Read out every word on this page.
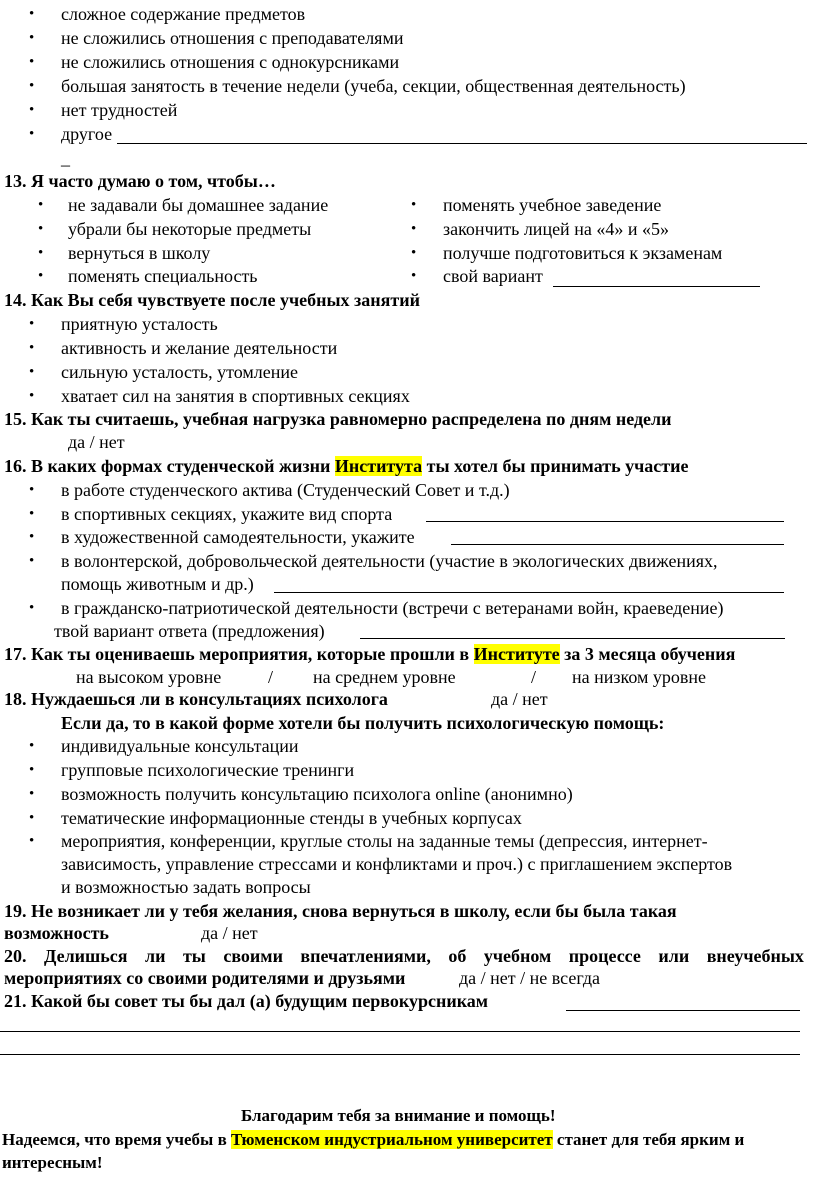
• сложное содержание предметов
• не сложились отношения с преподавателями
• не сложились отношения с однокурсниками
• большая занятость в течение недели (учеба, секции, общественная деятельность)
• нет трудностей
• другое
_
13. Я часто думаю о том, чтобы…
• не задавали бы домашнее задание	• поменять учебное заведение
• убрали бы некоторые предметы	• закончить лицей на «4» и «5»
• вернуться в школу	• получше подготовиться к экзаменам
• поменять специальность	• свой вариант
14. Как Вы себя чувствуете после учебных занятий
• приятную усталость
• активность и желание деятельности
• сильную усталость, утомление
• хватает сил на занятия в спортивных секциях
15. Как ты считаешь, учебная нагрузка равномерно распределена по дням недели
да / нет
16. В каких формах студенческой жизни Института ты хотел бы принимать участие
• в работе студенческого актива (Студенческий Совет и т.д.)
• в спортивных секциях, укажите вид спорта
• в художественной самодеятельности, укажите
• в волонтерской, добровольческой деятельности (участие в экологических движениях,
помощь животным и др.)
• в гражданско-патриотической деятельности (встречи с ветеранами войн, краеведение)
твой вариант ответа (предложения)
17. Как ты оцениваешь мероприятия, которые прошли в Институте за 3 месяца обучения
на высоком уровне	/ на среднем уровне	/ на низком уровне
18. Нуждаешься ли в консультациях психолога	да / нет
Если да, то в какой форме хотели бы получить психологическую помощь:
• индивидуальные консультации
• групповые психологические тренинги
• возможность получить консультацию психолога online (анонимно)
• тематические информационные стенды в учебных корпусах
• мероприятия, конференции, круглые столы на заданные темы (депрессия, интернет-
зависимость, управление стрессами и конфликтами и проч.) с приглашением экспертов
и возможностью задать вопросы
19. Не возникает ли у тебя желания, снова вернуться в школу, если бы была такая
возможность	да / нет
20. Делишься ли ты своими впечатлениями, об учебном процессе или внеучебных
мероприятиях со своими родителями и друзьями	да / нет / не всегда
21. Какой бы совет ты бы дал (а) будущим первокурсникам
Благодарим тебя за внимание и помощь!
Надеемся, что время учебы в Тюменском индустриальном университет станет для тебя ярким и
интересным!
